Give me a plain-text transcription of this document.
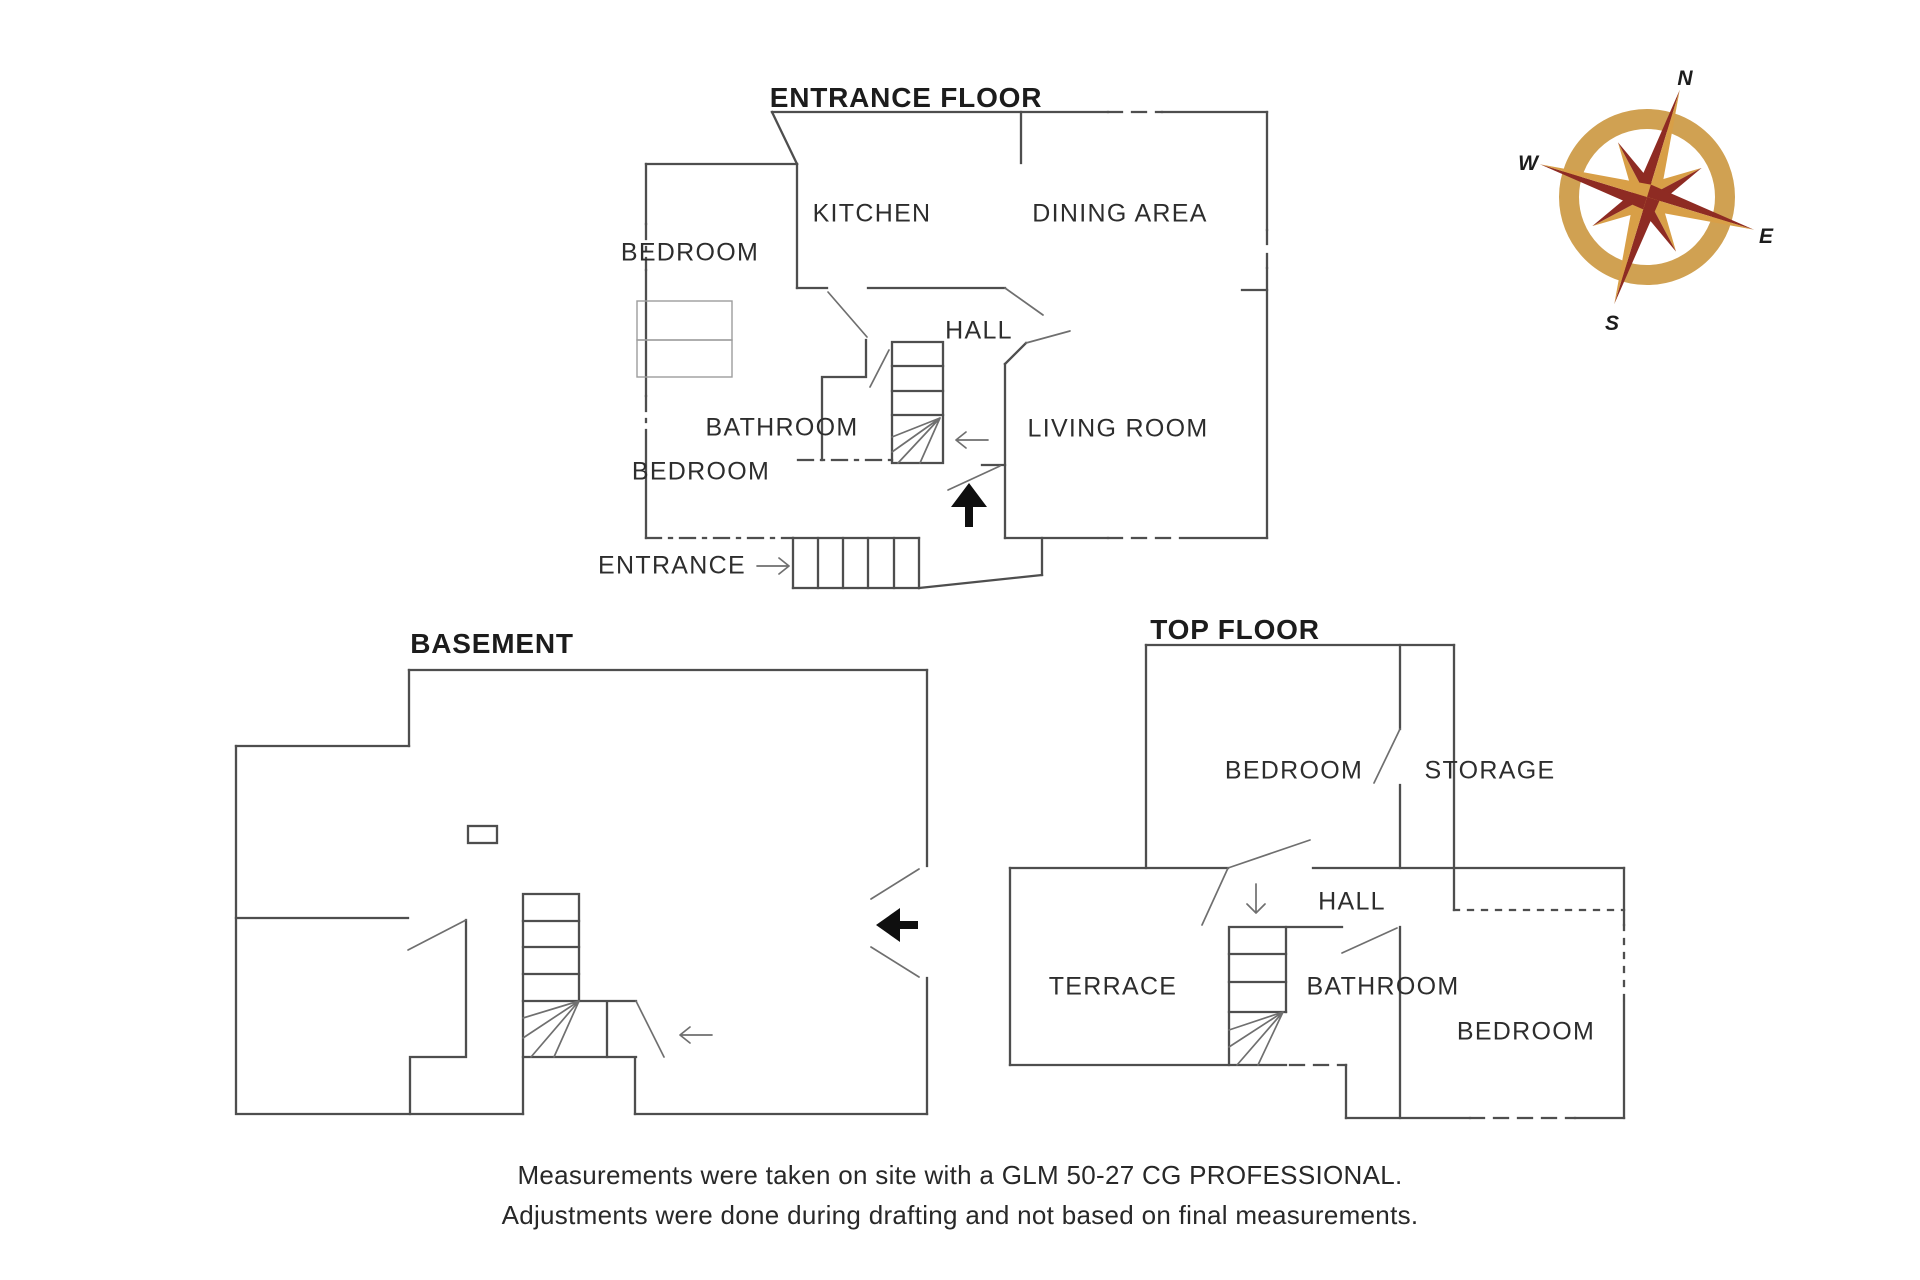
N
E
S
W
ENTRANCE FLOOR
KITCHEN	DINING AREA
BEDROOM
HALL
BATHROOM
BEDROOM
LIVING ROOM
ENTRANCE
BASEMENT	TOP FLOOR
BEDROOM STORAGE
HALL
TERRACE	BATHROOM
BEDROOM
Measurements were taken on site with a GLM 50-27 CG PROFESSIONAL.
Adjustments were done during drafting and not based on final measurements.
